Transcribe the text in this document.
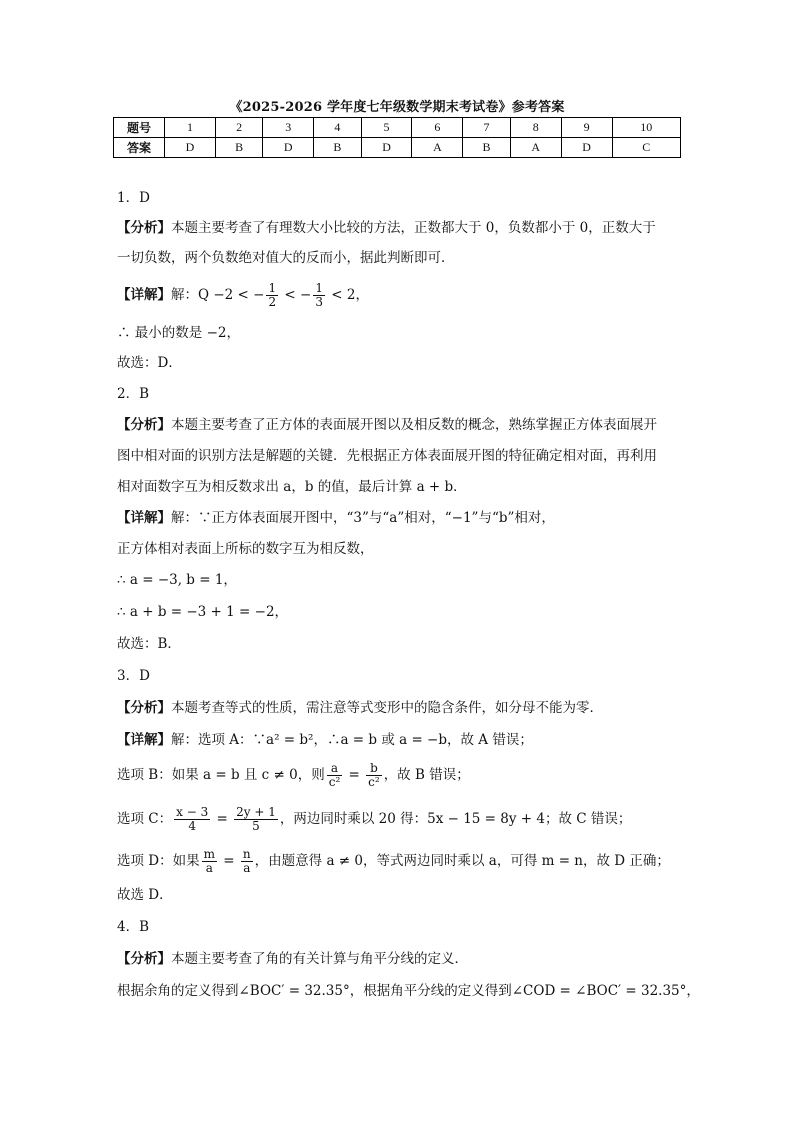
《2025-2026 学年度七年级数学期末考试卷》参考答案
题号	1	2	3	4	5	6	7	8	9	10
答案	D	B	D	B	D	A	B	A	D	C
1．D
【分析】本题主要考查了有理数大小比较的方法，正数都大于 0，负数都小于 0，正数大于
一切负数，两个负数绝对值大的反而小，据此判断即可．
【详解】解：Q −2 < − $\frac{1}{2}$ < − $\frac{1}{3} < 2$，
∴ 最小的数是 −2，
故选：D．
2．B
【分析】本题主要考查了正方体的表面展开图以及相反数的概念，熟练掌握正方体表面展开
图中相对面的识别方法是解题的关键．先根据正方体表面展开图的特征确定相对面，再利用
相对面数字互为相反数求出 a，b 的值，最后计算 a + b．
【详解】解：∵正方体表面展开图中，“3”与“a”相对，“−1”与“b”相对，
正方体相对表面上所标的数字互为相反数，
∴ a = −3, b = 1，
∴ a + b = −3 + 1 = −2，
故选：B．
3．D
【分析】本题考查等式的性质，需注意等式变形中的隐含条件，如分母不能为零．
【详解】解：选项 A：∵a² = b²，∴a = b 或 a = −b，故 A 错误；
选项 B：如果 a = b 且 c ≠ 0，则 $\frac{a}{\text{c²}} = \frac{b}{\text{c²}}$ ，故 B 错误；
选项 C： $\frac{x - 3}{4} = \frac{2y + 1}{5}$ ，两边同时乘以 20 得：5x − 15 = 8y + 4；故 C 错误；
选项 D：如果 $\frac{m}{a} = \frac{n}{a}$ ，由题意得 a ≠ 0，等式两边同时乘以 a，可得 m = n，故 D 正确；
故选 D．
4．B
【分析】本题主要考查了角的有关计算与角平分线的定义．
根据余角的定义得到∠BOC′ = 32.35°，根据角平分线的定义得到∠COD = ∠BOC′ = 32.35°，
